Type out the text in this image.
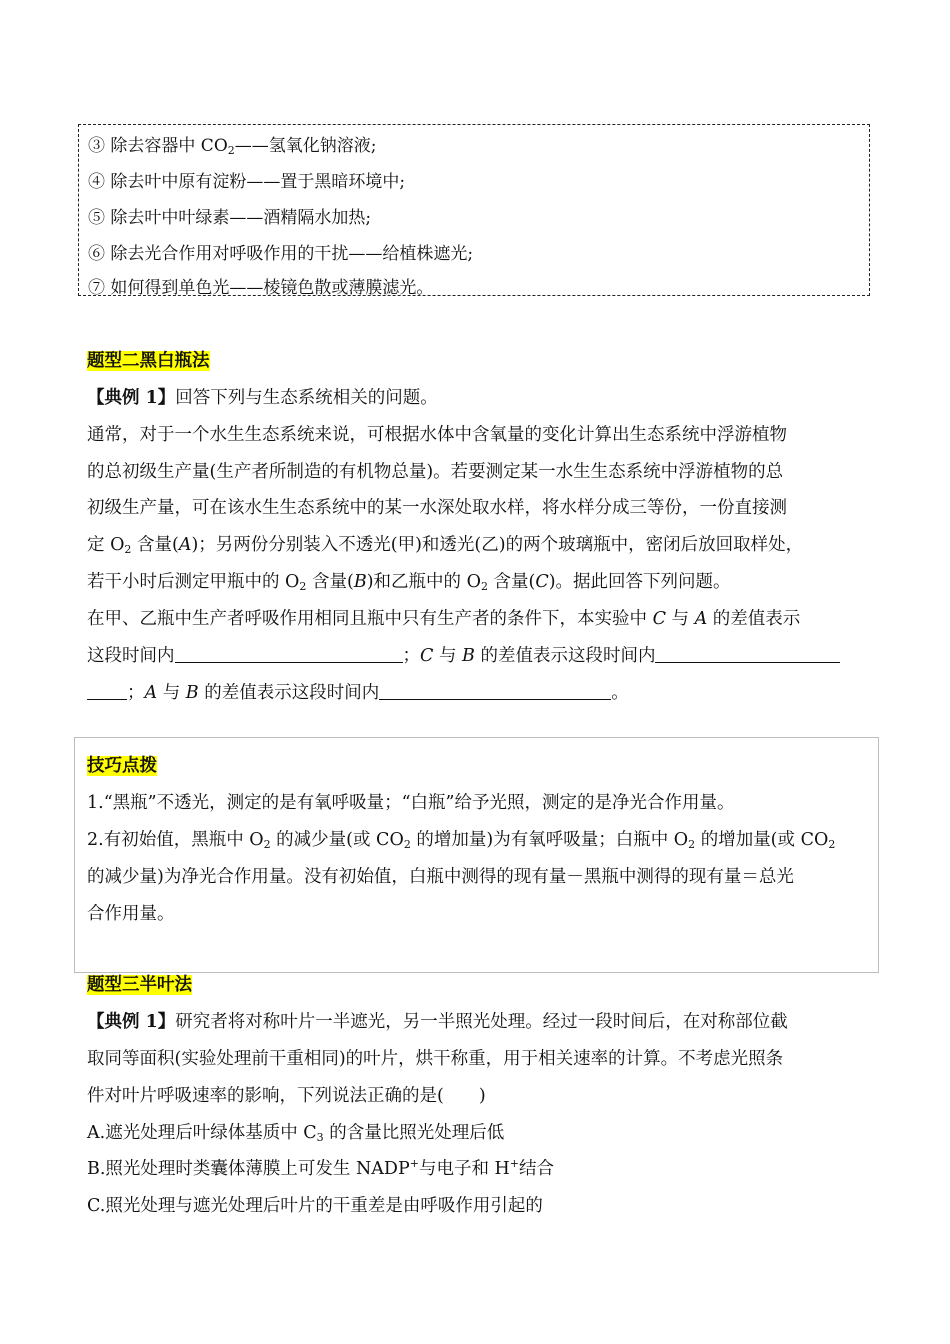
③ 除去容器中 $CO_2——$氢氧化钠溶液;
④ 除去叶中原有淀粉——置于黑暗环境中;
⑤ 除去叶中叶绿素——酒精隔水加热;
⑥ 除去光合作用对呼吸作用的干扰——给植株遮光;
⑦ 如何得到单色光——棱镜色散或薄膜滤光。
题型二黑白瓶法
【典例 1】回答下列与生态系统相关的问题。
通常，对于一个水生生态系统来说，可根据水体中含氧量的变化计算出生态系统中浮游植物
的总初级生产量(生产者所制造的有机物总量)。若要测定某一水生生态系统中浮游植物的总
初级生产量，可在该水生生态系统中的某一水深处取水样，将水样分成三等份，一份直接测
定 $O_2$ 含量(A)；另两份分别装入不透光(甲)和透光(乙)的两个玻璃瓶中，密闭后放回取样处，
若干小时后测定甲瓶中的 $O_2$ 含量(B)和乙瓶中的 $O_2$ 含量(C)。据此回答下列问题。
在甲、乙瓶中生产者呼吸作用相同且瓶中只有生产者的条件下，本实验中 C 与 A 的差值表示
这段时间内	；C 与 B 的差值表示这段时间内
；A 与 B 的差值表示这段时间内	。
技巧点拨
1.“黑瓶”不透光，测定的是有氧呼吸量；“白瓶”给予光照，测定的是净光合作用量。
2.有初始值，黑瓶中 $O_2$ 的减少量(或 $CO_2$ 的增加量)为有氧呼吸量；白瓶中 $O_2$ 的增加量(或 $CO_2$
的减少量)为净光合作用量。没有初始值，白瓶中测得的现有量－黑瓶中测得的现有量＝总光
合作用量。
题型三半叶法
【典例 1】研究者将对称叶片一半遮光，另一半照光处理。经过一段时间后，在对称部位截
取同等面积(实验处理前干重相同)的叶片，烘干称重，用于相关速率的计算。不考虑光照条
件对叶片呼吸速率的影响，下列说法正确的是(　　)
A.遮光处理后叶绿体基质中 $C_3$ 的含量比照光处理后低
B.照光处理时类囊体薄膜上可发生 NADP+与电子和 H+结合
C.照光处理与遮光处理后叶片的干重差是由呼吸作用引起的
